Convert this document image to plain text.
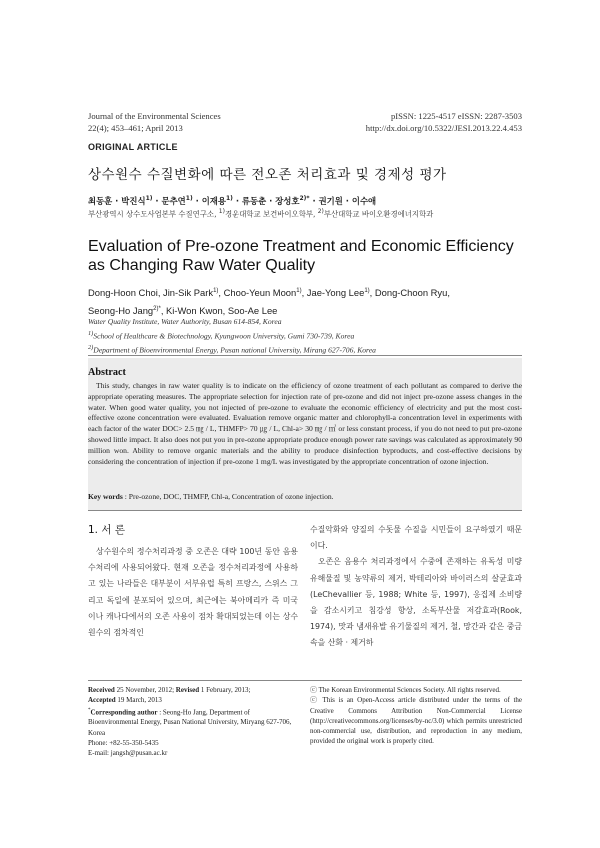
Journal of the Environmental Sciences
22(4); 453–461; April 2013
pISSN: 1225-4517 eISSN: 2287-3503
http://dx.doi.org/10.5322/JESI.2013.22.4.453
ORIGINAL ARTICLE
상수원수 수질변화에 따른 전오존 처리효과 및 경제성 평가
최동훈 · 박진식$^{1)}$ · 문추연$^{1)}$ · 이재용$^{1)}$ · 류동춘 · 장성호$^{2)*}$ · 권기원 · 이수애
부산광역시 상수도사업본부 수질연구소, $^{1)}$경운대학교 보건바이오학부, $^{2)}$부산대학교 바이오환경에너지학과
Evaluation of Pre-ozone Treatment and Economic Efficiency as Changing Raw Water Quality
Dong-Hoon Choi, Jin-Sik Park$^{1)}$, Choo-Yeun Moon$^{1)}$, Jae-Yong Lee$^{1)}$, Dong-Choon Ryu,
Seong-Ho Jang$^{2)*}$, Ki-Won Kwon, Soo-Ae Lee
Water Quality Institute, Water Authority, Busan 614-854, Korea
$^{1)}$School of Healthcare & Biotechnology, Kyungwoon University, Gumi 730-739, Korea
$^{2)}$Department of Bioenvironmental Energy, Pusan national University, Mirang 627-706, Korea
Abstract
This study, changes in raw water quality is to indicate on the efficiency of ozone treatment of each pollutant as compared to derive the appropriate operating measures. The appropriate selection for injection rate of pre-ozone and did not inject pre-ozone assess changes in the water. When good water quality, you not injected of pre-ozone to evaluate the economic efficiency of electricity and put the most cost-effective ozone concentration were evaluated. Evaluation remove organic matter and chlorophyll-a concentration level in experiments with each factor of the water DOC> 2.5 ㎎ / L, THMFP> 70 ㎍ / L, Chl-a> 30 ㎎ / ㎥ or less constant process, if you do not need to put pre-ozone showed little impact. It also does not put you in pre-ozone appropriate produce enough power rate savings was calculated as approximately 90 million won. Ability to remove organic materials and the ability to produce disinfection byproducts, and cost-effective decisions by considering the concentration of injection if pre-ozone 1 mg/L was investigated by the appropriate concentration of ozone injection.
Key words : Pre-ozone, DOC, THMFP, Chl-a, Concentration of ozone injection.
1. 서 론
상수원수의 정수처리과정 중 오존은 대략 100년 동안 음용수처리에 사용되어왔다. 현재 오존을 정수처리과정에 사용하고 있는 나라들은 대부분이 서부유럽 특히 프랑스, 스위스 그리고 독일에 분포되어 있으며, 최근에는 북아메리카 즉 미국이나 캐나다에서의 오존 사용이 점차 확대되었는데 이는 상수원수의 점차적인

수질악화와 양질의 수돗물 수질을 시민들이 요구하였기 때문이다.

오존은 음용수 처리과정에서 수중에 존재하는 유독성 미량 유해물질 및 농약류의 제거, 박테리아와 바이러스의 살균효과(LeChevallier 등, 1988; White 등, 1997), 응집제 소비량을 감소시키고 침강성 향상, 소독부산물 저감효과(Rook, 1974), 맛과 냄새유발 유기물질의 제거, 철, 망간과 같은 중금속을 산화 · 제거하

Received 25 November, 2012; Revised 1 February, 2013;
Accepted 19 March, 2013
*Corresponding author : Seong-Ho Jang, Department of Bioenvironmental Energy, Pusan National University, Miryang 627-706, Korea
Phone: +82-55-350-5435
E-mail: jangsh@pusan.ac.kr
ⓒ The Korean Environmental Sciences Society. All rights reserved.
ⓒ This is an Open-Access article distributed under the terms of the Creative Commons Attribution Non-Commercial License (http://creativecommons.org/licenses/by-nc/3.0) which permits unrestricted non-commercial use, distribution, and reproduction in any medium, provided the original work is properly cited.
